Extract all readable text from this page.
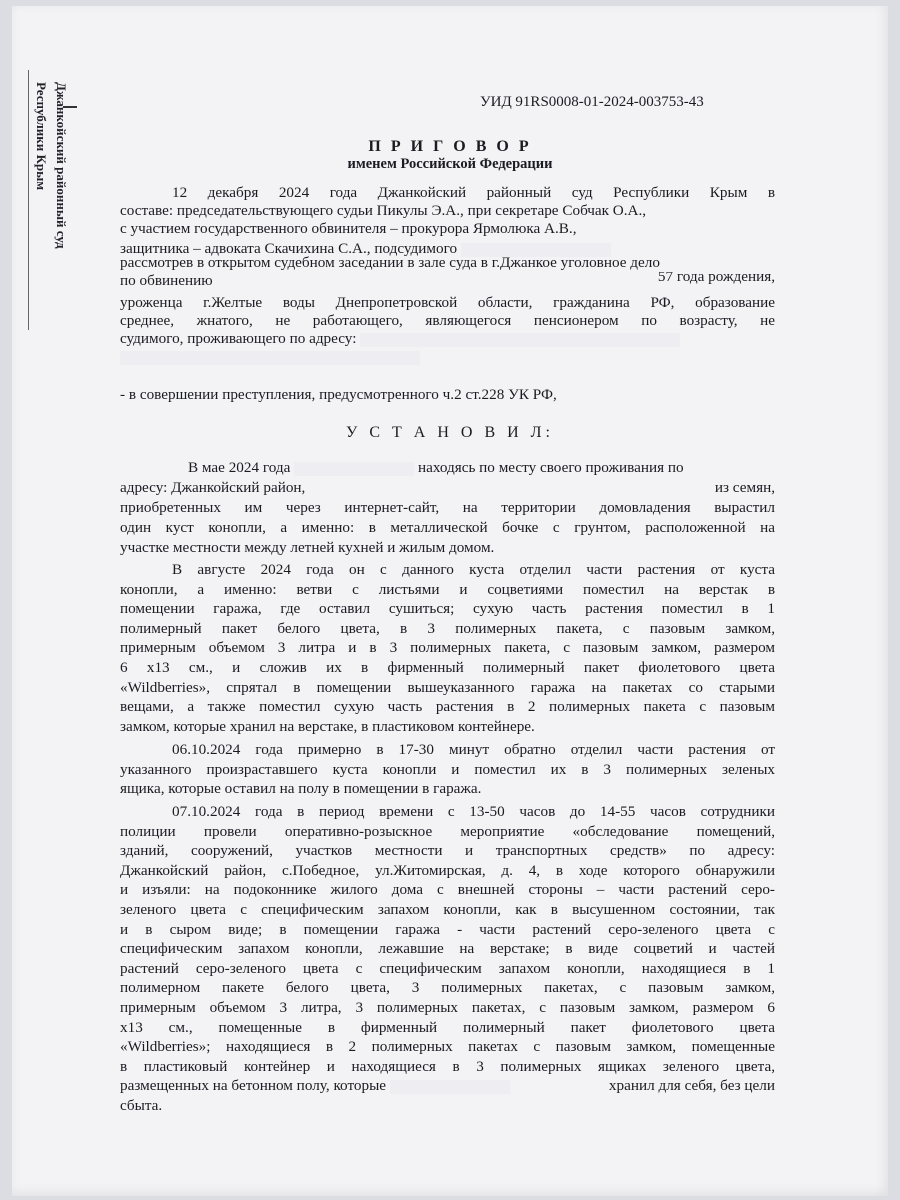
Джанкойский районный суд
Республики Крым	УИД 91RS0008-01-2024-003753-43
П Р И Г О В О Р
именем Российской Федерации
12 декабря 2024 года Джанкойский районный суд Республики Крым в
составе: председательствующего судьи Пикулы Э.А., при секретаре Собчак О.А.,
с участием государственного обвинителя – прокурора Ярмолюка А.В.,
защитника – адвоката Скачихина С.А., подсудимого
рассмотрев в открытом судебном заседании в зале суда в г.Джанкое уголовное дело
по обвинению	57 года рождения,
уроженца г.Желтые воды Днепропетровской области, гражданина РФ, образование
среднее, жнатого, не работающего, являющегося пенсионером по возрасту, не
судимого, проживающего по адресу:
- в совершении преступления, предусмотренного ч.2 ст.228 УК РФ,
У С Т А Н О В И Л:
В мае 2024 года	находясь по месту своего проживания по
адресу: Джанкойский район,	из семян,
приобретенных им через интернет-сайт, на территории домовладения вырастил
один куст конопли, а именно: в металлической бочке с грунтом, расположенной на
участке местности между летней кухней и жилым домом.
В августе 2024 года он с данного куста отделил части растения от куста
конопли, а именно: ветви с листьями и соцветиями поместил на верстак в
помещении гаража, где оставил сушиться; сухую часть растения поместил в 1
полимерный пакет белого цвета, в 3 полимерных пакета, с пазовым замком,
примерным объемом 3 литра и в 3 полимерных пакета, с пазовым замком, размером
6 х13 см., и сложив их в фирменный полимерный пакет фиолетового цвета
«Wildberries», спрятал в помещении вышеуказанного гаража на пакетах со старыми
вещами, а также поместил сухую часть растения в 2 полимерных пакета с пазовым
замком, которые хранил на верстаке, в пластиковом контейнере.
06.10.2024 года примерно в 17-30 минут обратно отделил части растения от
указанного произраставшего куста конопли и поместил их в 3 полимерных зеленых
ящика, которые оставил на полу в помещении в гаража.
07.10.2024 года в период времени с 13-50 часов до 14-55 часов сотрудники
полиции провели оперативно-розыскное мероприятие «обследование помещений,
зданий, сооружений, участков местности и транспортных средств» по адресу:
Джанкойский район, с.Победное, ул.Житомирская, д. 4, в ходе которого обнаружили
и изъяли: на подоконнике жилого дома с внешней стороны – части растений серо-
зеленого цвета с специфическим запахом конопли, как в высушенном состоянии, так
и в сыром виде; в помещении гаража - части растений серо-зеленого цвета с
специфическим запахом конопли, лежавшие на верстаке; в виде соцветий и частей
растений серо-зеленого цвета с специфическим запахом конопли, находящиеся в 1
полимерном пакете белого цвета, 3 полимерных пакетах, с пазовым замком,
примерным объемом 3 литра, 3 полимерных пакетах, с пазовым замком, размером 6
х13 см., помещенные в фирменный полимерный пакет фиолетового цвета
«Wildberries»; находящиеся в 2 полимерных пакетах с пазовым замком, помещенные
в пластиковый контейнер и находящиеся в 3 полимерных ящиках зеленого цвета,
размещенных на бетонном полу, которые	хранил для себя, без цели
сбыта.
